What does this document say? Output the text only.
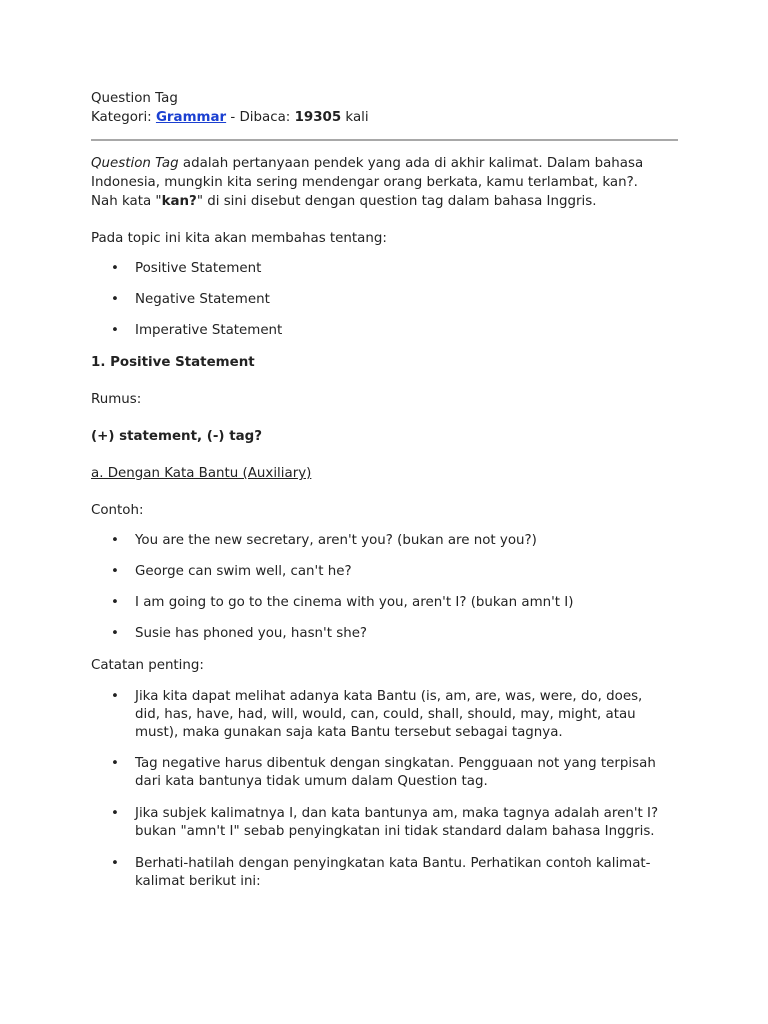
Question Tag
Kategori: Grammar - Dibaca: 19305 kali
Question Tag adalah pertanyaan pendek yang ada di akhir kalimat. Dalam bahasa
Indonesia, mungkin kita sering mendengar orang berkata, kamu terlambat, kan?.
Nah kata "kan?" di sini disebut dengan question tag dalam bahasa Inggris.
Pada topic ini kita akan membahas tentang:
• Positive Statement
• Negative Statement
• Imperative Statement
1. Positive Statement
Rumus:
(+) statement, (-) tag?
a. Dengan Kata Bantu (Auxiliary)
Contoh:
• You are the new secretary, aren't you? (bukan are not you?)
• George can swim well, can't he?
• I am going to go to the cinema with you, aren't I? (bukan amn't I)
• Susie has phoned you, hasn't she?
Catatan penting:
• Jika kita dapat melihat adanya kata Bantu (is, am, are, was, were, do, does,
did, has, have, had, will, would, can, could, shall, should, may, might, atau
must), maka gunakan saja kata Bantu tersebut sebagai tagnya.
• Tag negative harus dibentuk dengan singkatan. Pengguaan not yang terpisah
dari kata bantunya tidak umum dalam Question tag.
• Jika subjek kalimatnya I, dan kata bantunya am, maka tagnya adalah aren't I?
bukan "amn't I" sebab penyingkatan ini tidak standard dalam bahasa Inggris.
• Berhati-hatilah dengan penyingkatan kata Bantu. Perhatikan contoh kalimat-
kalimat berikut ini:
